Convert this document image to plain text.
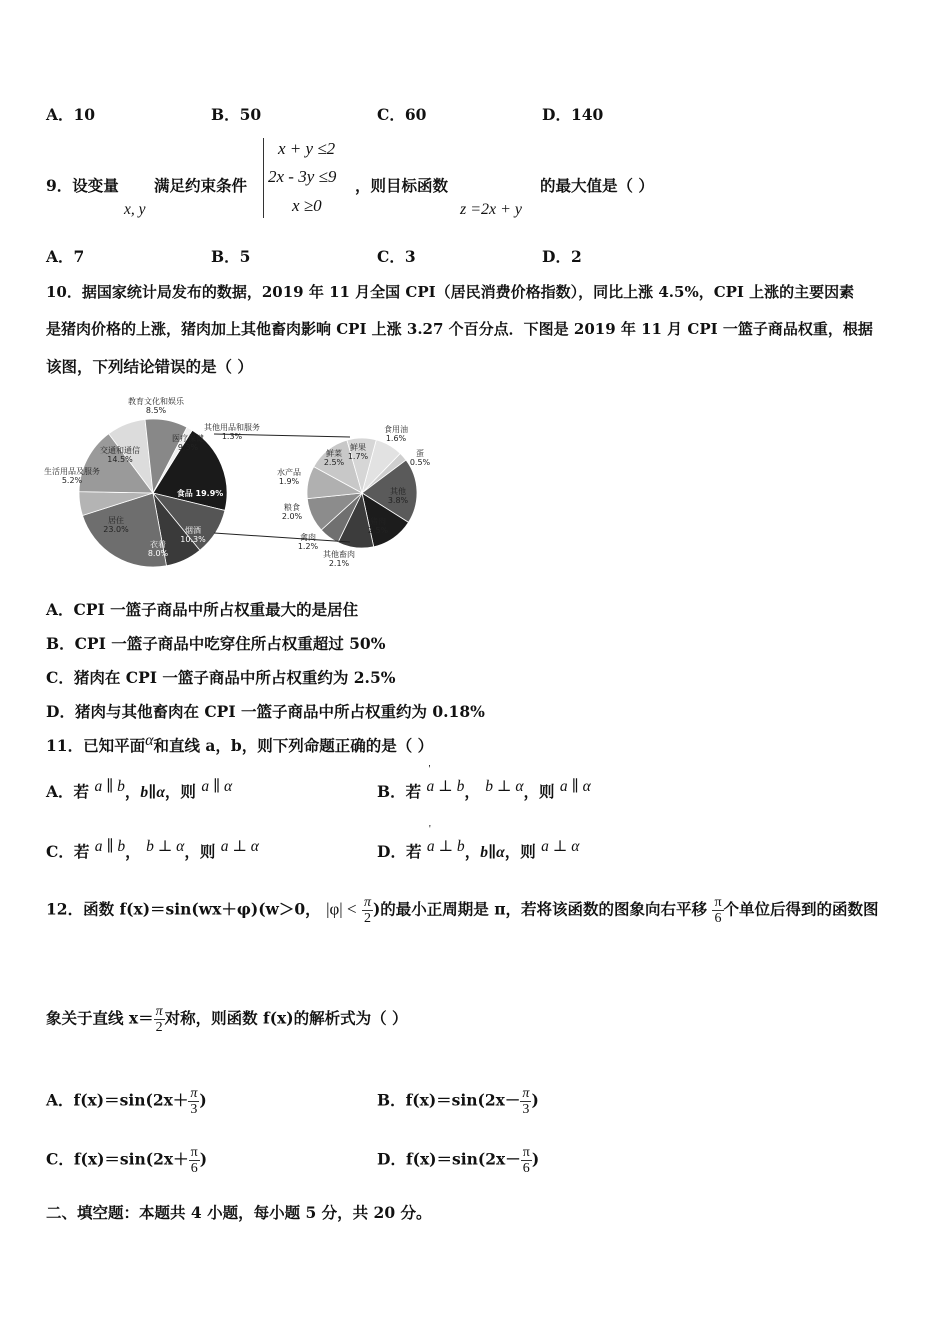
A．10	B．50	C．60	D．140
9．设变量
x, y
满足约束条件
x + y ≤2
2x - 3y ≤9
x ≥0
，则目标函数
z =2x + y
的最大值是（ ）
A．7	B．5	C．3	D．2
10．据国家统计局发布的数据，2019 年 11 月全国 CPI（居民消费价格指数），同比上涨 4.5%，CPI 上涨的主要因素
是猪肉价格的上涨，猪肉加上其他畜肉影响 CPI 上涨 3.27 个百分点．下图是 2019 年 11 月 CPI 一篮子商品权重，根据
该图，下列结论错误的是（ ）
食品 19.9%
烟酒 10.3%
衣着 8.0%
居住 23.0%
生活用品及服务 5.2%
交通和通信 14.5%
教育文化和娱乐 8.5%
医疗保健 9.3%
其他用品和服务 1.3%
食用油 1.6%
蛋 0.5%
其他 3.8%
猪肉 2.5%
其他畜肉 2.1%
禽肉 1.2%
粮食 2.0%
水产品 1.9%
鲜菜 2.5%
鲜果 1.7%
A．CPI 一篮子商品中所占权重最大的是居住
B．CPI 一篮子商品中吃穿住所占权重超过 50%
C．猪肉在 CPI 一篮子商品中所占权重约为 2.5%
D．猪肉与其他畜肉在 CPI 一篮子商品中所占权重约为 0.18%
11．已知平面α和直线 a，b，则下列命题正确的是（ ）
A．若 a ∥ b，b∥α，则 a ∥ α	B．若 ' a ⊥ b， b ⊥ α，则 a ∥ α
C．若 a ∥ b， b ⊥ α，则 a ⊥ α	D．若 ' a ⊥ b，b∥α，则 a ⊥ α
12．函数 f(x)＝sin(wx＋φ)(w＞0， $|\varphi| < \frac{\pi}{2}$ )的最小正周期是 π，若将该函数的图象向右平移 $\frac{\pi}{6}$ 个单位后得到的函数图
象关于直线 $x= \frac{\pi}{2}$ 对称，则函数 f(x)的解析式为（ ）
A．$f(x)=\sin(2x+ \frac{\pi}{3}$ )	B．$f(x)=\sin(2x- \frac{\pi}{3}$ )
C．$f(x)=\sin(2x+ \frac{\pi}{6}$ )	D．$f(x)=\sin(2x- \frac{\pi}{6}$ )
二、填空题：本题共 4 小题，每小题 5 分，共 20 分。
